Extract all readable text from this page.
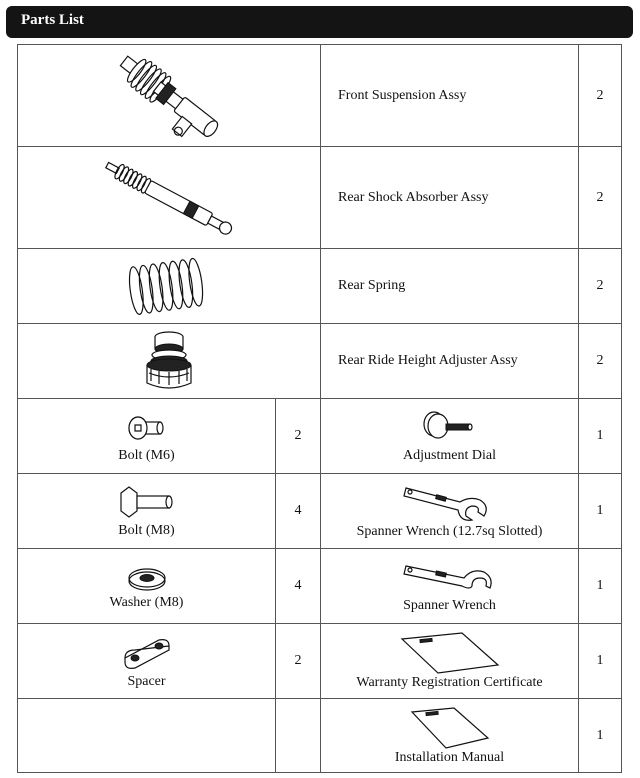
Parts List
	Front Suspension Assy	2

	Rear Shock Absorber Assy	2

	Rear Spring	2

	Rear Ride Height Adjuster Assy	2

Bolt (M6)	2	Adjustment Dial	1

Bolt (M8)	4	Spanner Wrench (12.7sq Slotted)	1

Washer (M8)	4	Spanner Wrench	1

Spacer	2	Warranty Registration Certificate	1

		Installation Manual	1
